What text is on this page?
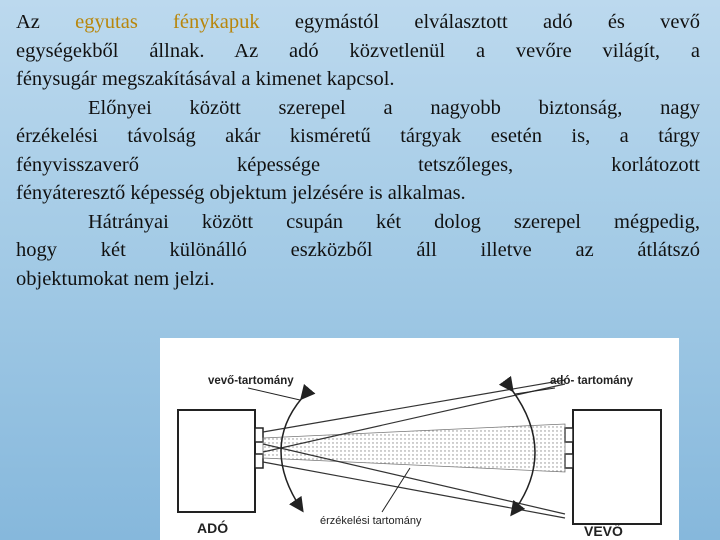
Az egyutas fénykapuk egymástól elválasztott adó és vevő

egységekből állnak. Az adó közvetlenül a vevőre világít, a

fénysugár megszakításával a kimenet kapcsol.

Előnyei között szerepel a nagyobb biztonság, nagy

érzékelési távolság akár kisméretű tárgyak esetén is, a tárgy

fényvisszaverő képessége tetszőleges, korlátozott

fényáteresztő képesség objektum jelzésére is alkalmas.

Hátrányai között csupán két dolog szerepel mégpedig,

hogy két különálló eszközből áll illetve az átlátszó

objektumokat nem jelzi.

vevő-tartomány	adó- tartomány
ADÓ	VEVŐ
érzékelési tartomány
